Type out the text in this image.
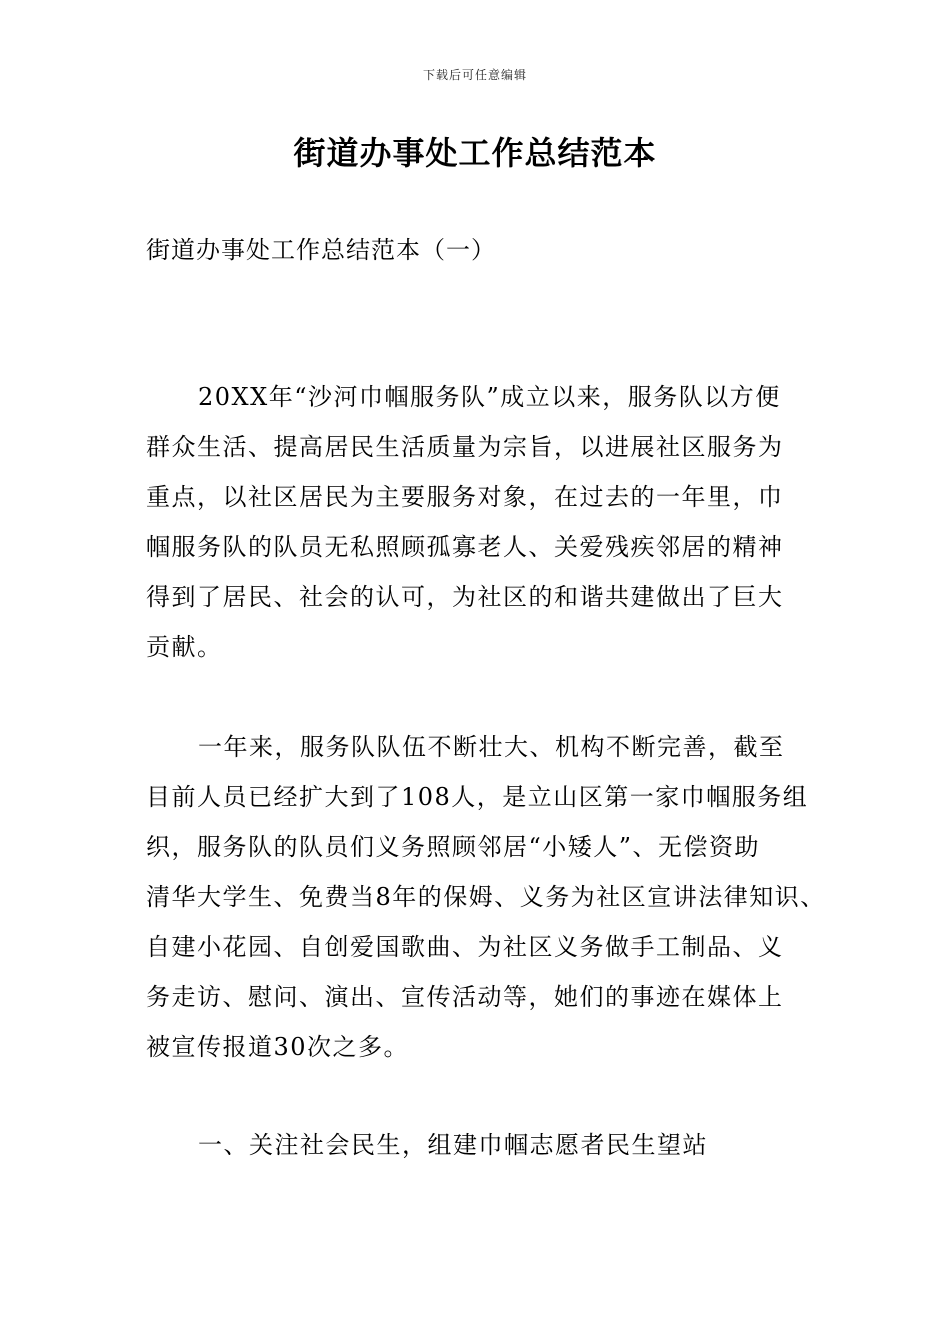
下载后可任意编辑
街道办事处工作总结范本
街道办事处工作总结范本（一）
20XX年“沙河巾帼服务队”成立以来，服务队以方便
群众生活、提高居民生活质量为宗旨，以进展社区服务为
重点，以社区居民为主要服务对象，在过去的一年里，巾
帼服务队的队员无私照顾孤寡老人、关爱残疾邻居的精神
得到了居民、社会的认可，为社区的和谐共建做出了巨大
贡献。
一年来，服务队队伍不断壮大、机构不断完善，截至
目前人员已经扩大到了108人，是立山区第一家巾帼服务组
织，服务队的队员们义务照顾邻居“小矮人”、无偿资助
清华大学生、免费当8年的保姆、义务为社区宣讲法律知识、
自建小花园、自创爱国歌曲、为社区义务做手工制品、义
务走访、慰问、演出、宣传活动等，她们的事迹在媒体上
被宣传报道30次之多。
一、关注社会民生，组建巾帼志愿者民生望站
